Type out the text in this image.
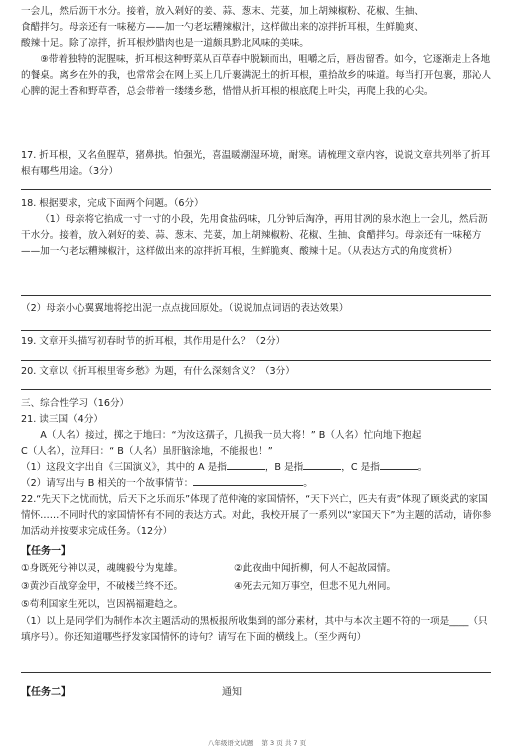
一会儿，然后沥干水分。接着，放入剁好的姜、蒜、葱末、芫荽，加上胡辣椒粉、花椒、生抽、

食醋拌匀。母亲还有一味秘方——加一勺老坛糟辣椒汁，这样做出来的凉拌折耳根，生鲜脆爽、

酸辣十足。除了凉拌，折耳根炒腊肉也是一道颇具黔北风味的美味。

⑨带着独特的泥腥味，折耳根这种野菜从百草春中脱颖而出，咀嚼之后，唇齿留香。如今，它逐渐走上各地的餐桌。离乡在外的我，也常常会在网上买上几斤裹满泥土的折耳根，重拾故乡的味道。每当打开包裹，那沁人心脾的泥土香和野草香，总会带着一缕缕乡愁，惜惜从折耳根的根底爬上叶尖，再爬上我的心尖。

17. 折耳根，又名鱼腥草，猪鼻拱。怕强光，喜温暖潮湿环境，耐寒。请梳理文章内容，说说文章共列举了折耳根有哪些用途。（3分）

18. 根据要求，完成下面两个问题。（6分）

（1）母亲将它掐成一寸一寸的小段，先用食盐码味，几分钟后淘净，再用甘冽的泉水泡上一会儿，然后沥干水分。接着，放入剁好的姜、蒜、葱末、芫荽，加上胡辣椒粉、花椒、生抽、食醋拌匀。母亲还有一味秘方——加一勺老坛糟辣椒汁，这样做出来的凉拌折耳根，生鲜脆爽、酸辣十足。（从表达方式的角度赏析）

（2）母亲小心翼翼地将挖出泥一点点拢回原处。（说说加点词语的表达效果）

19. 文章开头描写初春时节的折耳根，其作用是什么？（2分）

20. 文章以《折耳根里寄乡愁》为题，有什么深刻含义？（3分）

三、综合性学习（16分）

21. 读三国（4分）

A（人名）接过，掷之于地曰：“为汝这孺子，几损我一员大将！” B（人名）忙向地下抱起

C（人名），泣拜曰：“ B（人名）虽肝脑涂地，不能报也！”

（1）这段文字出自《三国演义》，其中的 A 是指	，B 是指	，C 是指	。

（2）请写出与 B 相关的一个故事情节：	。

22.“先天下之忧而忧，后天下之乐而乐”体现了范仲淹的家国情怀，“天下兴亡，匹夫有责”体现了顾炎武的家国情怀……不同时代的家国情怀有不同的表达方式。对此，我校开展了一系列以“家国天下”为主题的活动，请你参加活动并按要求完成任务。（12分）

【任务一】
①身既死兮神以灵，魂魄毅兮为鬼雄。	②此夜曲中闻折柳，何人不起故园情。
③黄沙百战穿金甲，不破楼兰终不还。	④死去元知万事空，但悲不见九州同。
⑤苟利国家生死以，岂因祸福避趋之。

（1）以上是同学们为制作本次主题活动的黑板报所收集到的部分素材，其中与本次主题不符的一项是____（只填序号）。你还知道哪些抒发家国情怀的诗句？请写在下面的横线上。（至少两句）

【任务二】	通知
八年级语文试题 第 3 页 共 7 页
